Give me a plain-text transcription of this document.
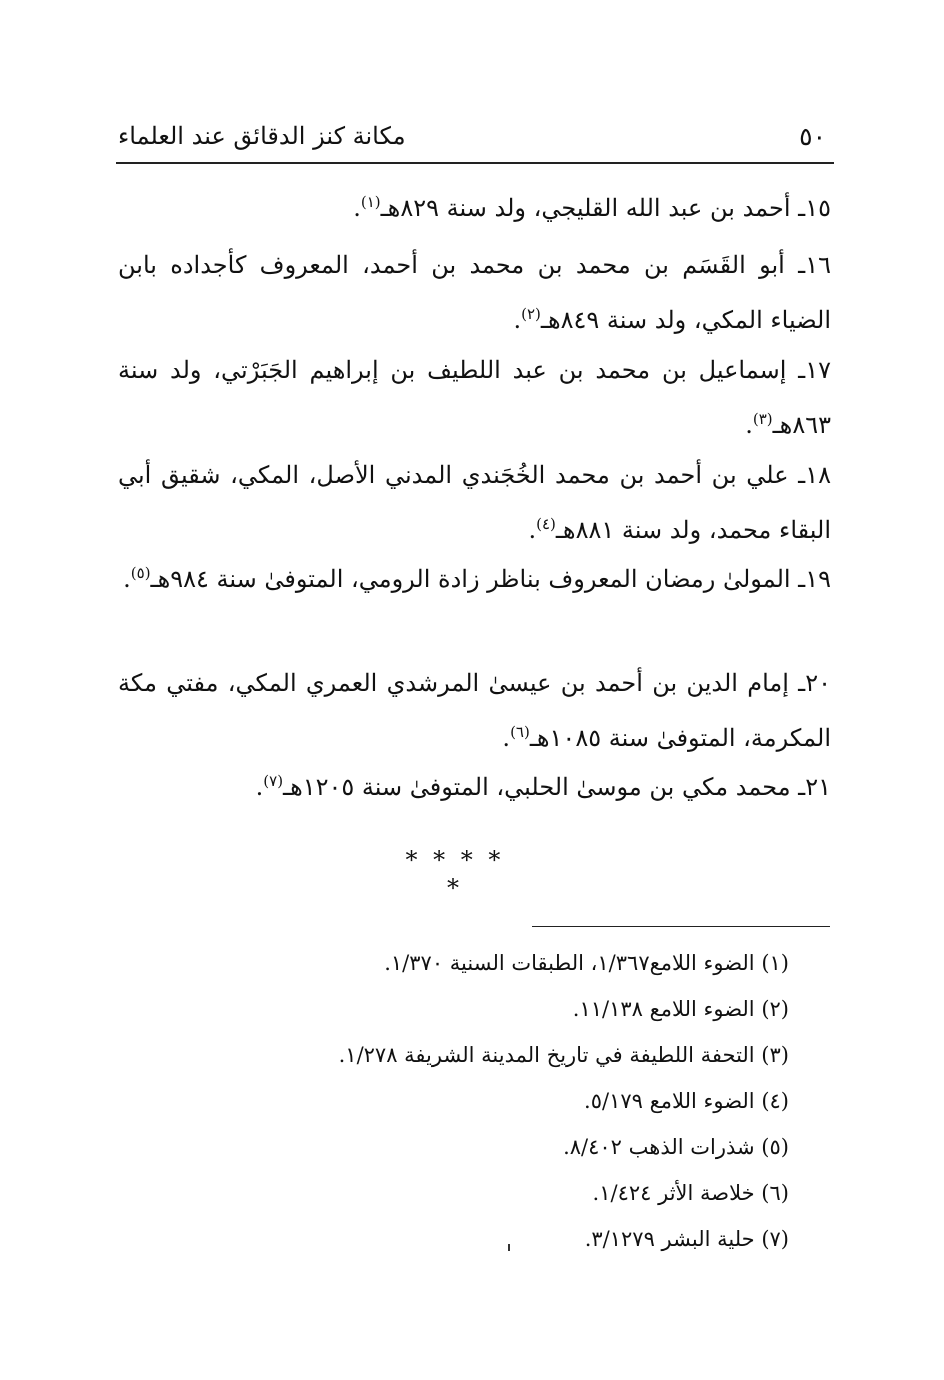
٥٠
مكانة كنز الدقائق عند العلماء
١٥ـ أحمد بن عبد الله القليجي، ولد سنة ٨٢٩هـ$^{(١)}$.
١٦ـ أبو القَسَم بن محمد بن محمد بن أحمد، المعروف كأجداده بابن الضياء المكي، ولد سنة ٨٤٩هـ$^{(٢)}$.
١٧ـ إسماعيل بن محمد بن عبد اللطيف بن إبراهيم الجَبَرْتي، ولد سنة ٨٦٣هـ$^{(٣)}$.
١٨ـ علي بن أحمد بن محمد الخُجَندي المدني الأصل، المكي، شقيق أبي البقاء محمد، ولد سنة ٨٨١هـ$^{(٤)}$.
١٩ـ المولىٰ رمضان المعروف بناظر زادة الرومي، المتوفىٰ سنة ٩٨٤هـ$^{(٥)}$.
٢٠ـ إمام الدين بن أحمد بن عيسىٰ المرشدي العمري المكي، مفتي مكة المكرمة، المتوفىٰ سنة ١٠٨٥هـ$^{(٦)}$.
٢١ـ محمد مكي بن موسىٰ الحلبي، المتوفىٰ سنة ١٢٠٥هـ$^{(٧)}$.
* * * * *
(١) الضوء اللامع١/٣٦٧، الطبقات السنية ١/٣٧٠.
(٢) الضوء اللامع ١١/١٣٨.
(٣) التحفة اللطيفة في تاريخ المدينة الشريفة ١/٢٧٨.
(٤) الضوء اللامع ٥/١٧٩.
(٥) شذرات الذهب ٨/٤٠٢.
(٦) خلاصة الأثر ١/٤٢٤.
(٧) حلية البشر ٣/١٢٧٩.
